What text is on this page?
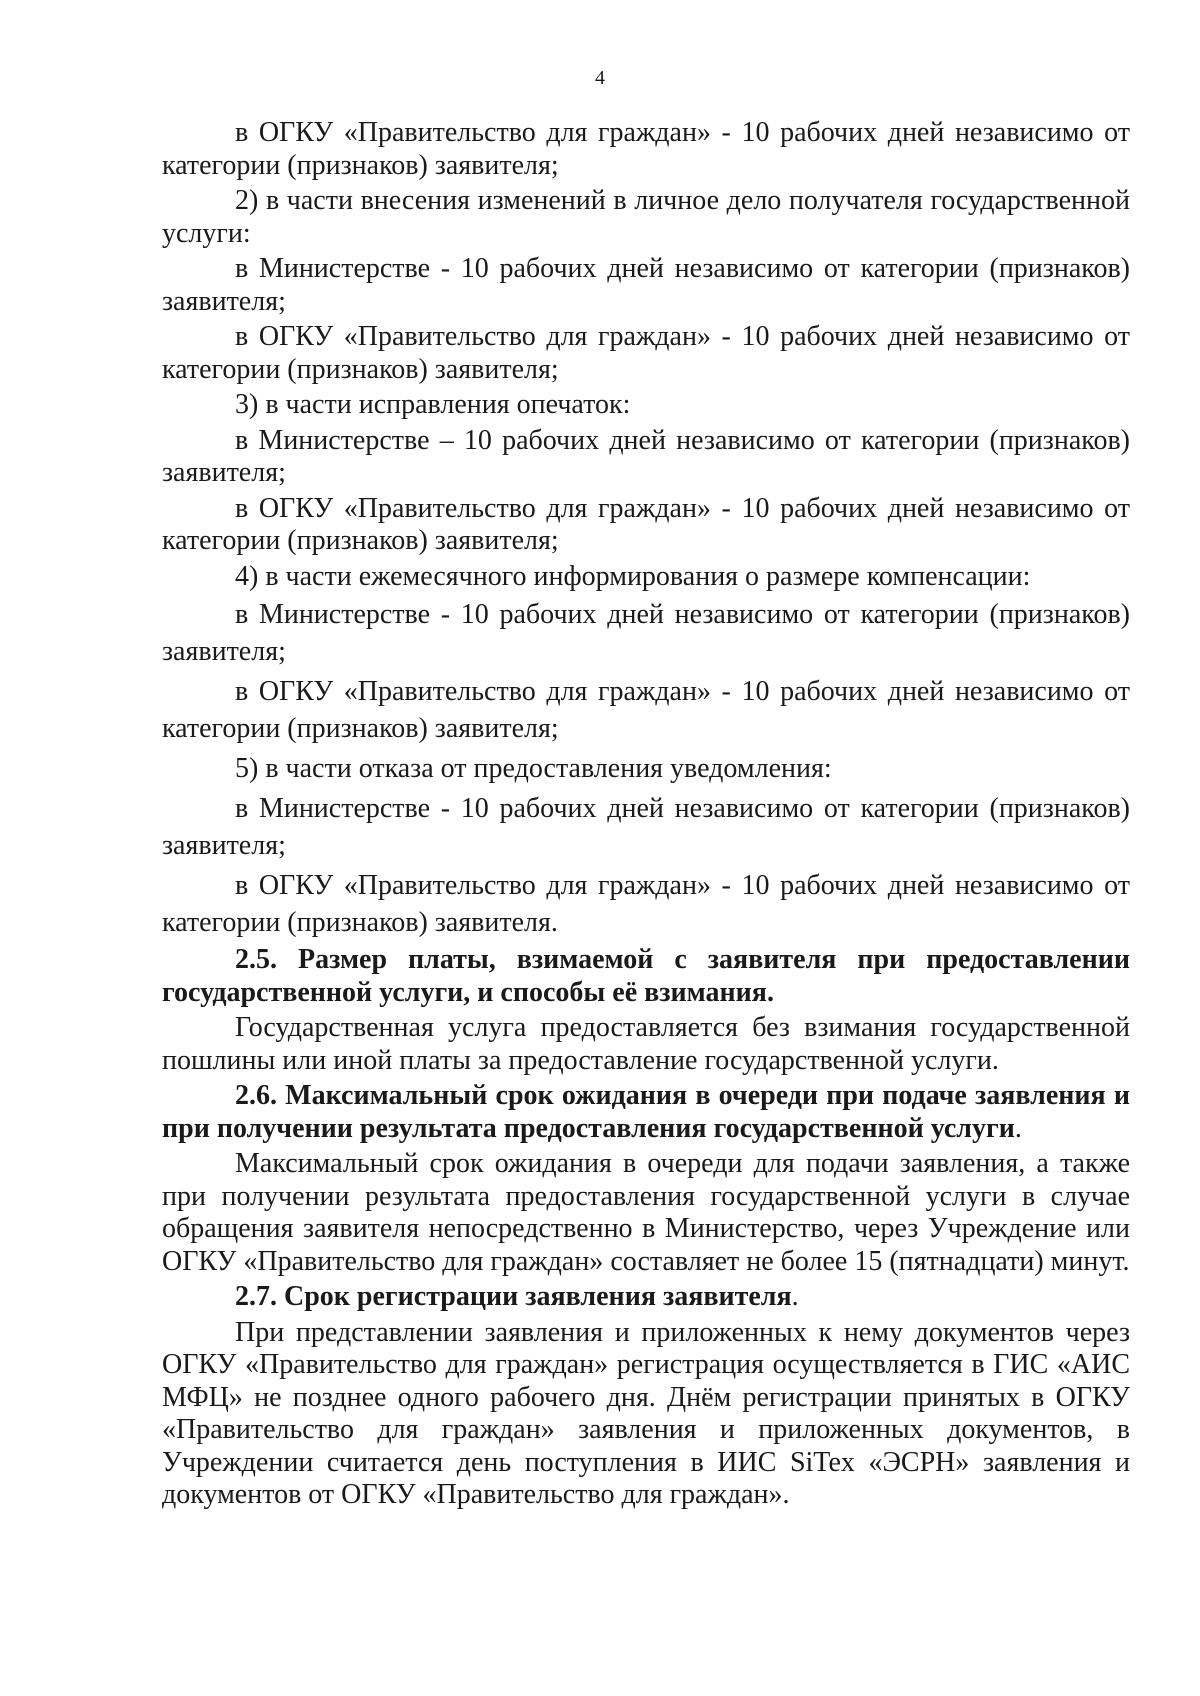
4

в ОГКУ «Правительство для граждан» - 10 рабочих дней независимо от категории (признаков) заявителя;

2) в части внесения изменений в личное дело получателя государственной услуги:

в Министерстве - 10 рабочих дней независимо от категории (признаков) заявителя;

в ОГКУ «Правительство для граждан» - 10 рабочих дней независимо от категории (признаков) заявителя;

3) в части исправления опечаток:

в Министерстве – 10 рабочих дней независимо от категории (признаков) заявителя;

в ОГКУ «Правительство для граждан» - 10 рабочих дней независимо от категории (признаков) заявителя;

4) в части ежемесячного информирования о размере компенсации:

в Министерстве - 10 рабочих дней независимо от категории (признаков) заявителя;

в ОГКУ «Правительство для граждан» - 10 рабочих дней независимо от категории (признаков) заявителя;

5) в части отказа от предоставления уведомления:

в Министерстве - 10 рабочих дней независимо от категории (признаков) заявителя;

в ОГКУ «Правительство для граждан» - 10 рабочих дней независимо от категории (признаков) заявителя.

2.5. Размер платы, взимаемой с заявителя при предоставлении государственной услуги, и способы её взимания.

Государственная услуга предоставляется без взимания государственной пошлины или иной платы за предоставление государственной услуги.

2.6. Максимальный срок ожидания в очереди при подаче заявления и при получении результата предоставления государственной услуги.

Максимальный срок ожидания в очереди для подачи заявления, а также при получении результата предоставления государственной услуги в случае обращения заявителя непосредственно в Министерство, через Учреждение или ОГКУ «Правительство для граждан» составляет не более 15 (пятнадцати) минут.

2.7. Срок регистрации заявления заявителя.

При представлении заявления и приложенных к нему документов через ОГКУ «Правительство для граждан» регистрация осуществляется в ГИС «АИС МФЦ» не позднее одного рабочего дня. Днём регистрации принятых в ОГКУ «Правительство для граждан» заявления и приложенных документов, в Учреждении считается день поступления в ИИС SiTex «ЭСРН» заявления и документов от ОГКУ «Правительство для граждан».
